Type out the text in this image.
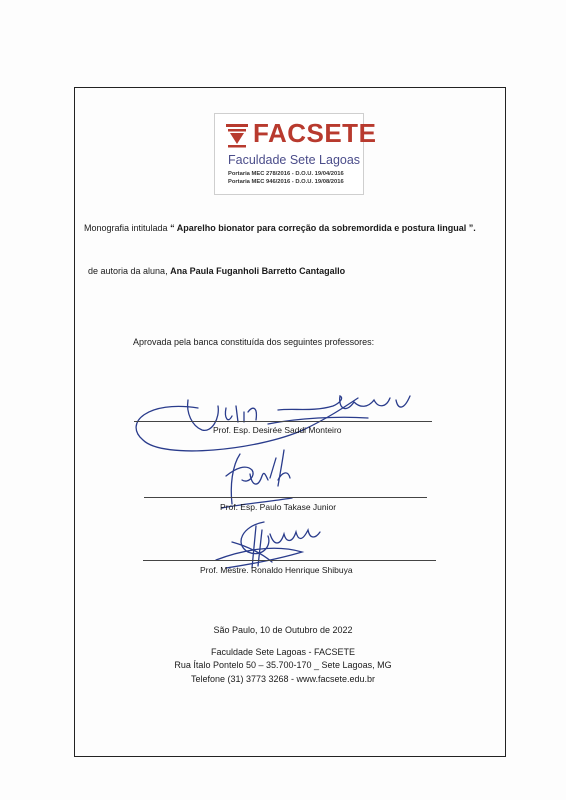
FACSETE
Faculdade Sete Lagoas
Portaria MEC 278/2016 - D.O.U. 19/04/2016
Portaria MEC 946/2016 - D.O.U. 19/08/2016
Monografia intitulada “ Aparelho bionator para correção da sobremordida e postura lingual ”.
de autoria da aluna, Ana Paula Fuganholi Barretto Cantagallo
Aprovada pela banca constituída dos seguintes professores:
Prof. Esp. Desirée Saddi Monteiro
Prof. Esp. Paulo Takase Junior
Prof. Mestre. Ronaldo Henrique Shibuya
São Paulo, 10 de Outubro de 2022
Faculdade Sete Lagoas - FACSETE
Rua Ítalo Pontelo 50 – 35.700-170 _ Sete Lagoas, MG
Telefone (31) 3773 3268 - www.facsete.edu.br
